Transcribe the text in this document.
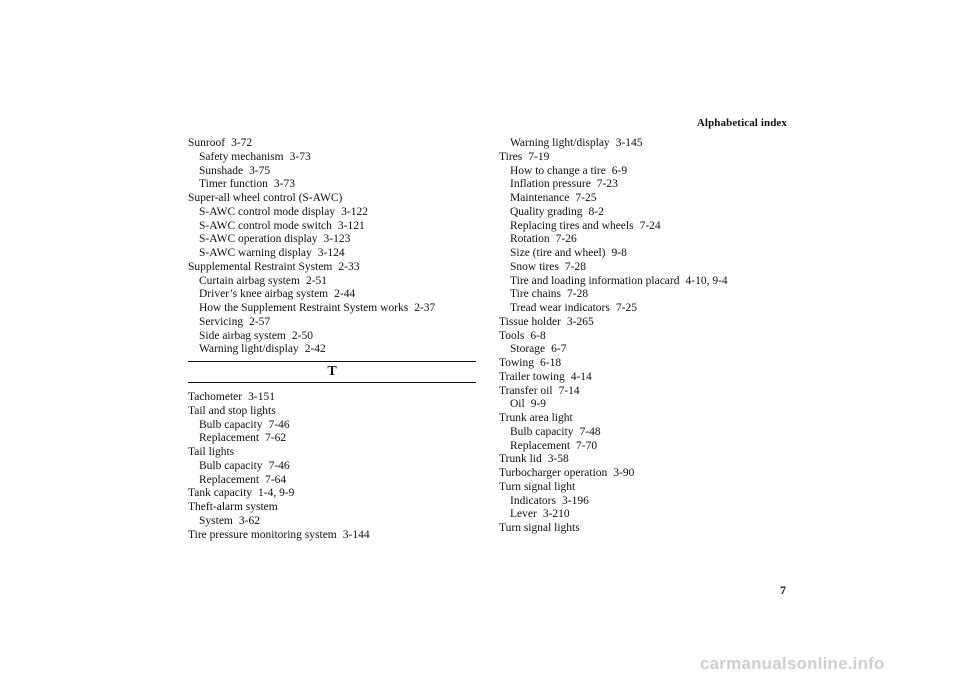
Alphabetical index
Sunroof 3-72
Safety mechanism 3-73
Sunshade 3-75
Timer function 3-73
Super-all wheel control (S-AWC)
S-AWC control mode display 3-122
S-AWC control mode switch 3-121
S-AWC operation display 3-123
S-AWC warning display 3-124
Supplemental Restraint System 2-33
Curtain airbag system 2-51
Driver’s knee airbag system 2-44
How the Supplement Restraint System works 2-37
Servicing 2-57
Side airbag system 2-50
Warning light/display 2-42
T
Tachometer 3-151
Tail and stop lights
Bulb capacity 7-46
Replacement 7-62
Tail lights
Bulb capacity 7-46
Replacement 7-64
Tank capacity 1-4, 9-9
Theft-alarm system
System 3-62
Tire pressure monitoring system 3-144
Warning light/display 3-145
Tires 7-19
How to change a tire 6-9
Inflation pressure 7-23
Maintenance 7-25
Quality grading 8-2
Replacing tires and wheels 7-24
Rotation 7-26
Size (tire and wheel) 9-8
Snow tires 7-28
Tire and loading information placard 4-10, 9-4
Tire chains 7-28
Tread wear indicators 7-25
Tissue holder 3-265
Tools 6-8
Storage 6-7
Towing 6-18
Trailer towing 4-14
Transfer oil 7-14
Oil 9-9
Trunk area light
Bulb capacity 7-48
Replacement 7-70
Trunk lid 3-58
Turbocharger operation 3-90
Turn signal light
Indicators 3-196
Lever 3-210
Turn signal lights
7
carmanualsonline.info
